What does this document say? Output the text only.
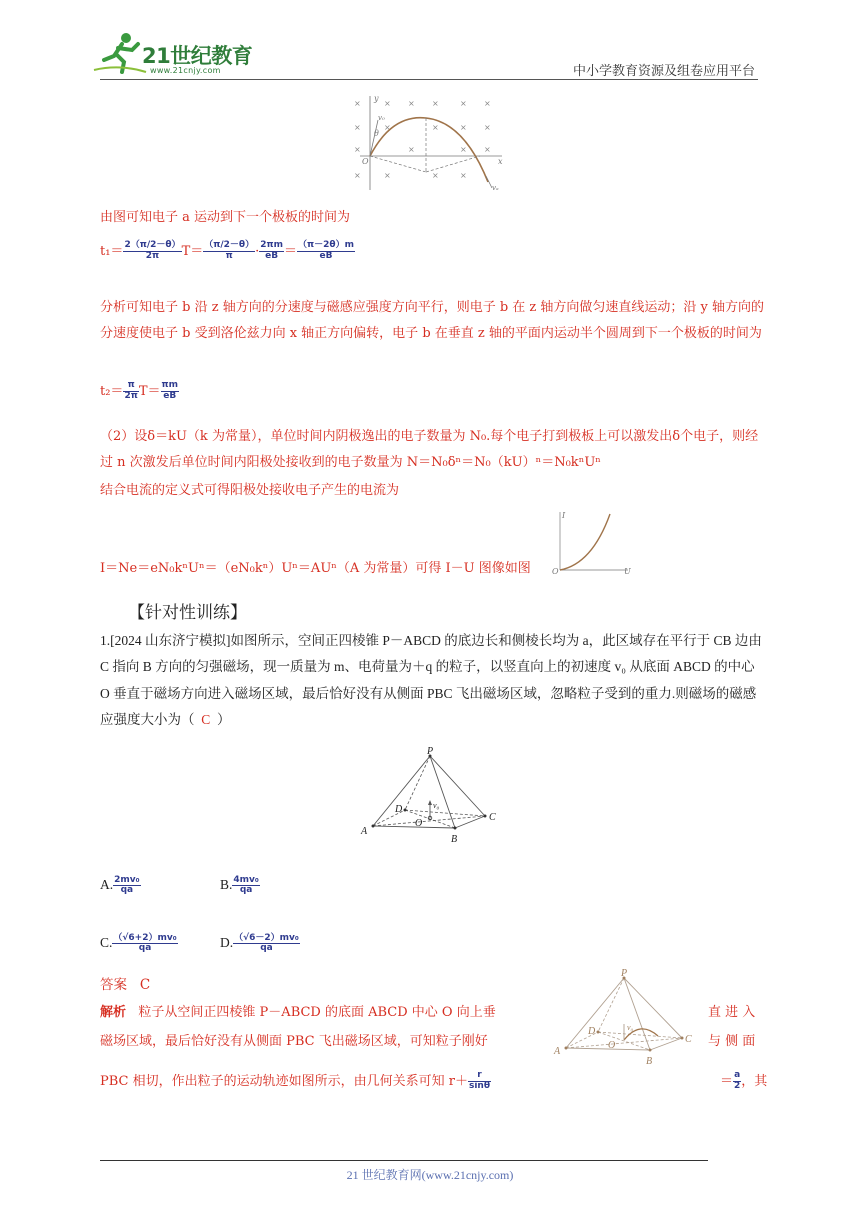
21世纪教育
www.21cnjy.com	中小学教育资源及组卷应用平台
×	× × ×	× ×
×	×	×	× ×
×	×	× ×
×	×	×	×
y
x
O
v₀
θ
vₐ
由图可知电子 a 运动到下一个极板的时间为
$t_1= \frac{2(\pi/2-\theta)}{2\pi} T= \frac{(\pi/2-\theta)}{\pi} \cdot \frac{2\pi m}{eB} = \frac{(\pi-2\theta)m}{eB}$
分析可知电子 b 沿 z 轴方向的分速度与磁感应强度方向平行，则电子 b 在 z 轴方向做匀速直线运动；沿 y 轴方向的分速度使电子 b 受到洛伦兹力向 x 轴正方向偏转，电子 b 在垂直 z 轴的平面内运动半个圆周到下一个极板的时间为
$t_2= \frac{\pi}{2\pi} T= \frac{\pi m}{eB}$
（2）设δ＝kU（k 为常量），单位时间内阴极逸出的电子数量为 N₀.每个电子打到极板上可以激发出δ个电子，则经过 n 次激发后单位时间内阳极处接收到的电子数量为 N＝N₀δⁿ＝N₀（kU）ⁿ＝N₀kⁿUⁿ
结合电流的定义式可得阳极处接收电子产生的电流为
I
O	U
I＝Ne＝eN₀kⁿUⁿ＝（eN₀kⁿ）Uⁿ＝AUⁿ（A 为常量）可得 I－U 图像如图
【针对性训练】
1.[2024 山东济宁模拟]如图所示，空间正四棱锥 P－ABCD 的底边长和侧棱长均为 a，此区域存在平行于 CB 边由 C 指向 B 方向的匀强磁场，现一质量为 m、电荷量为＋q 的粒子，以竖直向上的初速度 v₀ 从底面 ABCD 的中心 O 垂直于磁场方向进入磁场区域，最后恰好没有从侧面 PBC 飞出磁场区域，忽略粒子受到的重力.则磁场的磁感应强度大小为（ C ）
P
A
B
C
D
O
v₀
A. $\frac{\text{2mv₀}}{qa}$	B. $\frac{\text{4mv₀}}{qa}$
C. $\frac{\text{（√6+2）mv₀}}{qa}$	D. $\frac{\text{（√6－2）mv₀}}{qa}$
答案 C
解析 粒子从空间正四棱锥 P－ABCD 的底面 ABCD 中心 O 向上垂	直 进 入
磁场区域，最后恰好没有从侧面 PBC 飞出磁场区域，可知粒子刚好	与 侧 面
PBC 相切，作出粒子的运动轨迹如图所示，由几何关系可知 $r+ \frac{r}{\sin\theta}$	＝ $\frac{a}{2}$ ，其
P
A
B
C
D
O
v₀
21 世纪教育网(www.21cnjy.com)
